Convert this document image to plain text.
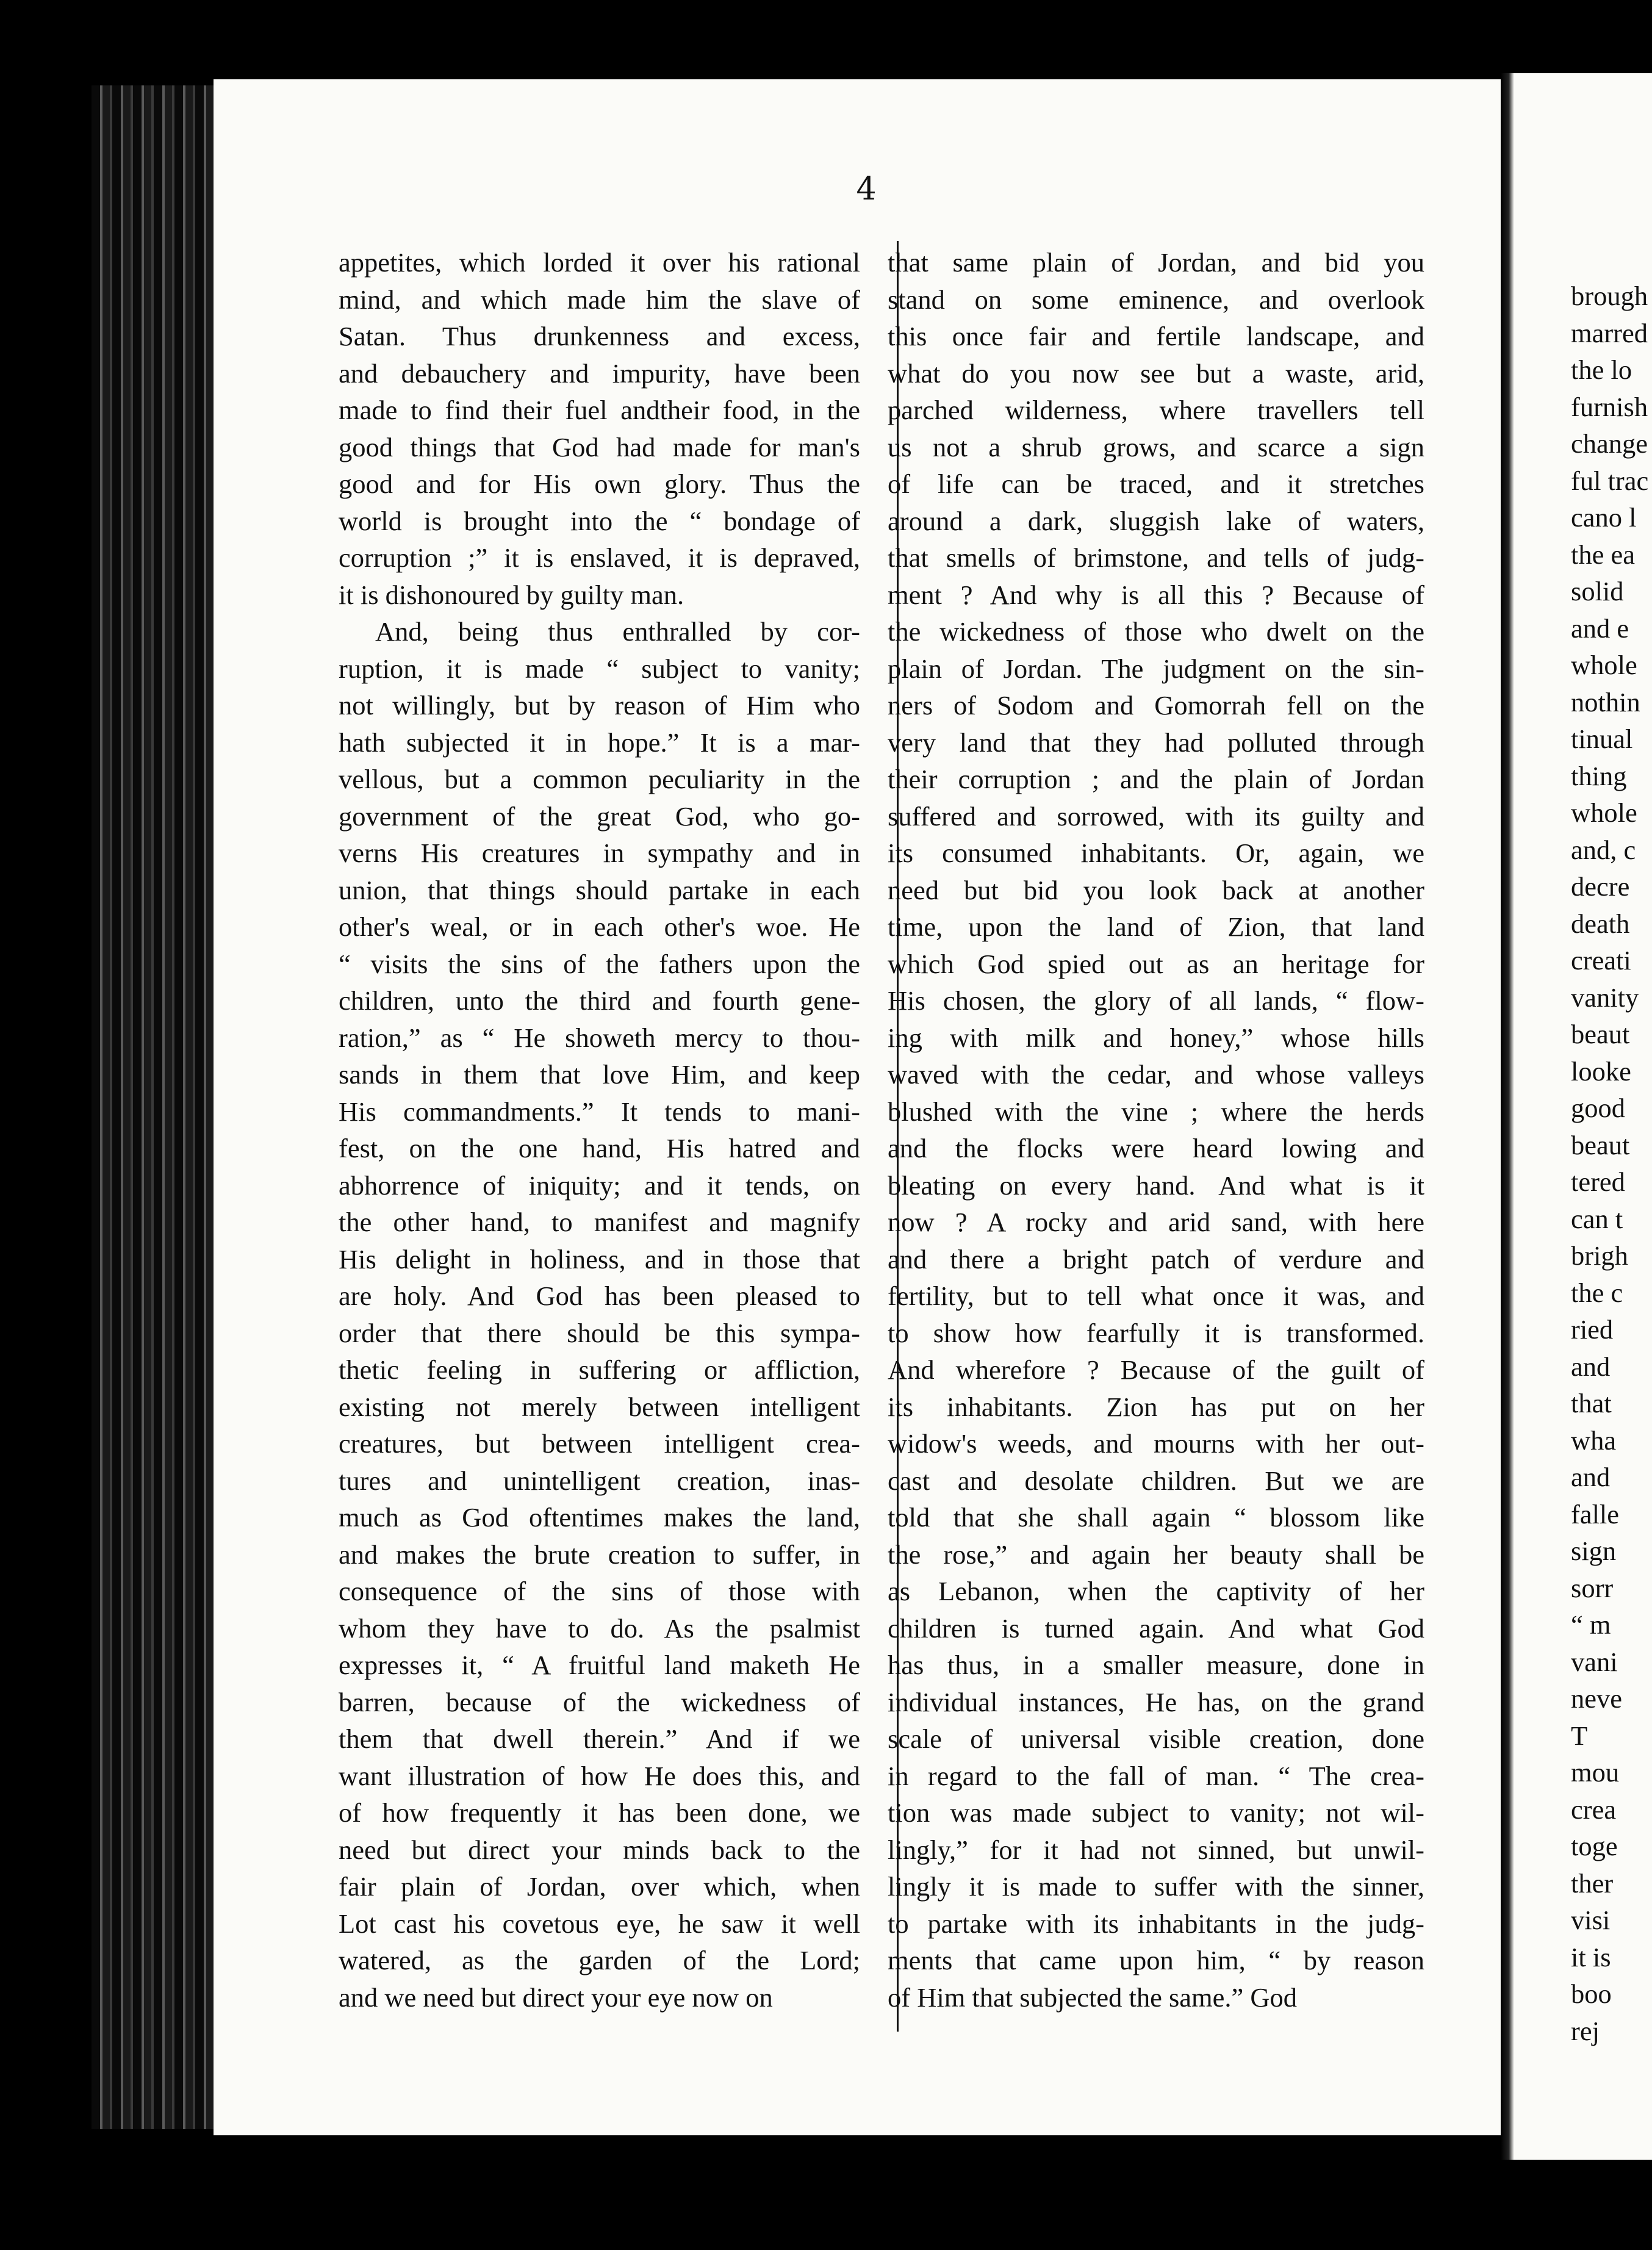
4
appetites, which lorded it over his rational
mind, and which made him the slave of
Satan. Thus drunkenness and excess,
and debauchery and impurity, have been
made to find their fuel andtheir food, in the
good things that God had made for man's
good and for His own glory. Thus the
world is brought into the “ bondage of
corruption ;” it is enslaved, it is depraved,
it is dishonoured by guilty man.
And, being thus enthralled by cor-
ruption, it is made “ subject to vanity;
not willingly, but by reason of Him who
hath subjected it in hope.” It is a mar-
vellous, but a common peculiarity in the
government of the great God, who go-
verns His creatures in sympathy and in
union, that things should partake in each
other's weal, or in each other's woe. He
“ visits the sins of the fathers upon the
children, unto the third and fourth gene-
ration,” as “ He showeth mercy to thou-
sands in them that love Him, and keep
His commandments.” It tends to mani-
fest, on the one hand, His hatred and
abhorrence of iniquity; and it tends, on
the other hand, to manifest and magnify
His delight in holiness, and in those that
are holy. And God has been pleased to
order that there should be this sympa-
thetic feeling in suffering or affliction,
existing not merely between intelligent
creatures, but between intelligent crea-
tures and unintelligent creation, inas-
much as God oftentimes makes the land,
and makes the brute creation to suffer, in
consequence of the sins of those with
whom they have to do. As the psalmist
expresses it, “ A fruitful land maketh He
barren, because of the wickedness of
them that dwell therein.” And if we
want illustration of how He does this, and
of how frequently it has been done, we
need but direct your minds back to the
fair plain of Jordan, over which, when
Lot cast his covetous eye, he saw it well
watered, as the garden of the Lord;
and we need but direct your eye now on
that same plain of Jordan, and bid you
stand on some eminence, and overlook
this once fair and fertile landscape, and
what do you now see but a waste, arid,
parched wilderness, where travellers tell
us not a shrub grows, and scarce a sign
of life can be traced, and it stretches
around a dark, sluggish lake of waters,
that smells of brimstone, and tells of judg-
ment ? And why is all this ? Because of
the wickedness of those who dwelt on the
plain of Jordan. The judgment on the sin-
ners of Sodom and Gomorrah fell on the
very land that they had polluted through
their corruption ; and the plain of Jordan
suffered and sorrowed, with its guilty and
its consumed inhabitants. Or, again, we
need but bid you look back at another
time, upon the land of Zion, that land
which God spied out as an heritage for
His chosen, the glory of all lands, “ flow-
ing with milk and honey,” whose hills
waved with the cedar, and whose valleys
blushed with the vine ; where the herds
and the flocks were heard lowing and
bleating on every hand. And what is it
now ? A rocky and arid sand, with here
and there a bright patch of verdure and
fertility, but to tell what once it was, and
to show how fearfully it is transformed.
And wherefore ? Because of the guilt of
its inhabitants. Zion has put on her
widow's weeds, and mourns with her out-
cast and desolate children. But we are
told that she shall again “ blossom like
the rose,” and again her beauty shall be
as Lebanon, when the captivity of her
children is turned again. And what God
has thus, in a smaller measure, done in
individual instances, He has, on the grand
scale of universal visible creation, done
in regard to the fall of man. “ The crea-
tion was made subject to vanity; not wil-
lingly,” for it had not sinned, but unwil-
lingly it is made to suffer with the sinner,
to partake with its inhabitants in the judg-
ments that came upon him, “ by reason
of Him that subjected the same.” God
brough
marred
the lo
furnish
change
ful trac
cano l
the ea
solid
and e
whole
nothin
tinual
thing
whole
and, c
decre
death
creati
vanity
beaut
looke
good
beaut
tered
can t
brigh
the c
ried
and
that
wha
and
falle
sign
sorr
“ m
vani
neve
T
mou
crea
toge
ther
visi
it is
boo
rej
